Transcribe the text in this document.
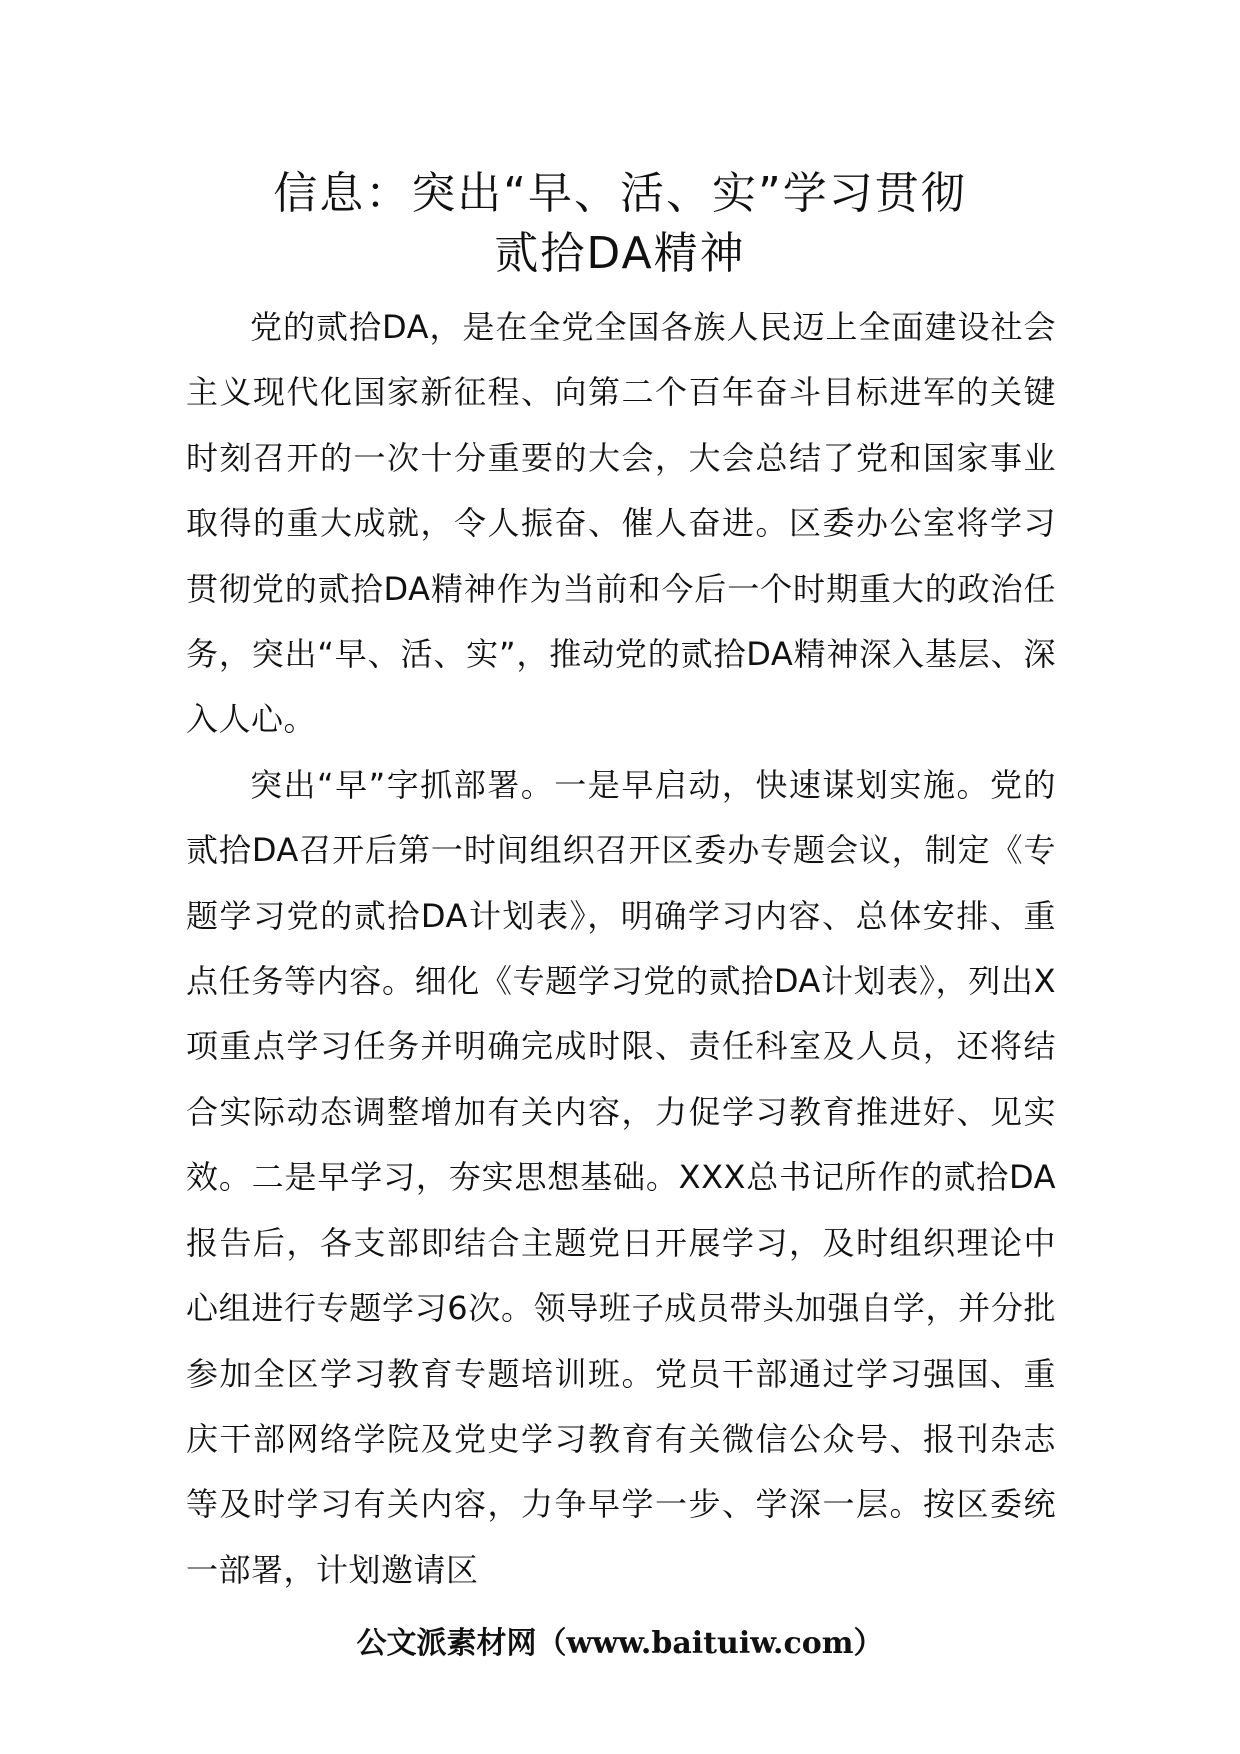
信息：突出“早、活、实”学习贯彻
贰拾DA精神

党的贰拾DA，是在全党全国各族人民迈上全面建设社会主义现代化国家新征程、向第二个百年奋斗目标进军的关键时刻召开的一次十分重要的大会，大会总结了党和国家事业取得的重大成就，令人振奋、催人奋进。区委办公室将学习贯彻党的贰拾DA精神作为当前和今后一个时期重大的政治任务，突出“早、活、实”，推动党的贰拾DA精神深入基层、深入人心。

突出“早”字抓部署。一是早启动，快速谋划实施。党的贰拾DA召开后第一时间组织召开区委办专题会议，制定《专题学习党的贰拾DA计划表》，明确学习内容、总体安排、重点任务等内容。细化《专题学习党的贰拾DA计划表》，列出X项重点学习任务并明确完成时限、责任科室及人员，还将结合实际动态调整增加有关内容，力促学习教育推进好、见实效。二是早学习，夯实思想基础。XXX总书记所作的贰拾DA报告后，各支部即结合主题党日开展学习，及时组织理论中心组进行专题学习6次。领导班子成员带头加强自学，并分批参加全区学习教育专题培训班。党员干部通过学习强国、重庆干部网络学院及党史学习教育有关微信公众号、报刊杂志等及时学习有关内容，力争早学一步、学深一层。按区委统一部署，计划邀请区

公文派素材网（www.baituiw.com）
